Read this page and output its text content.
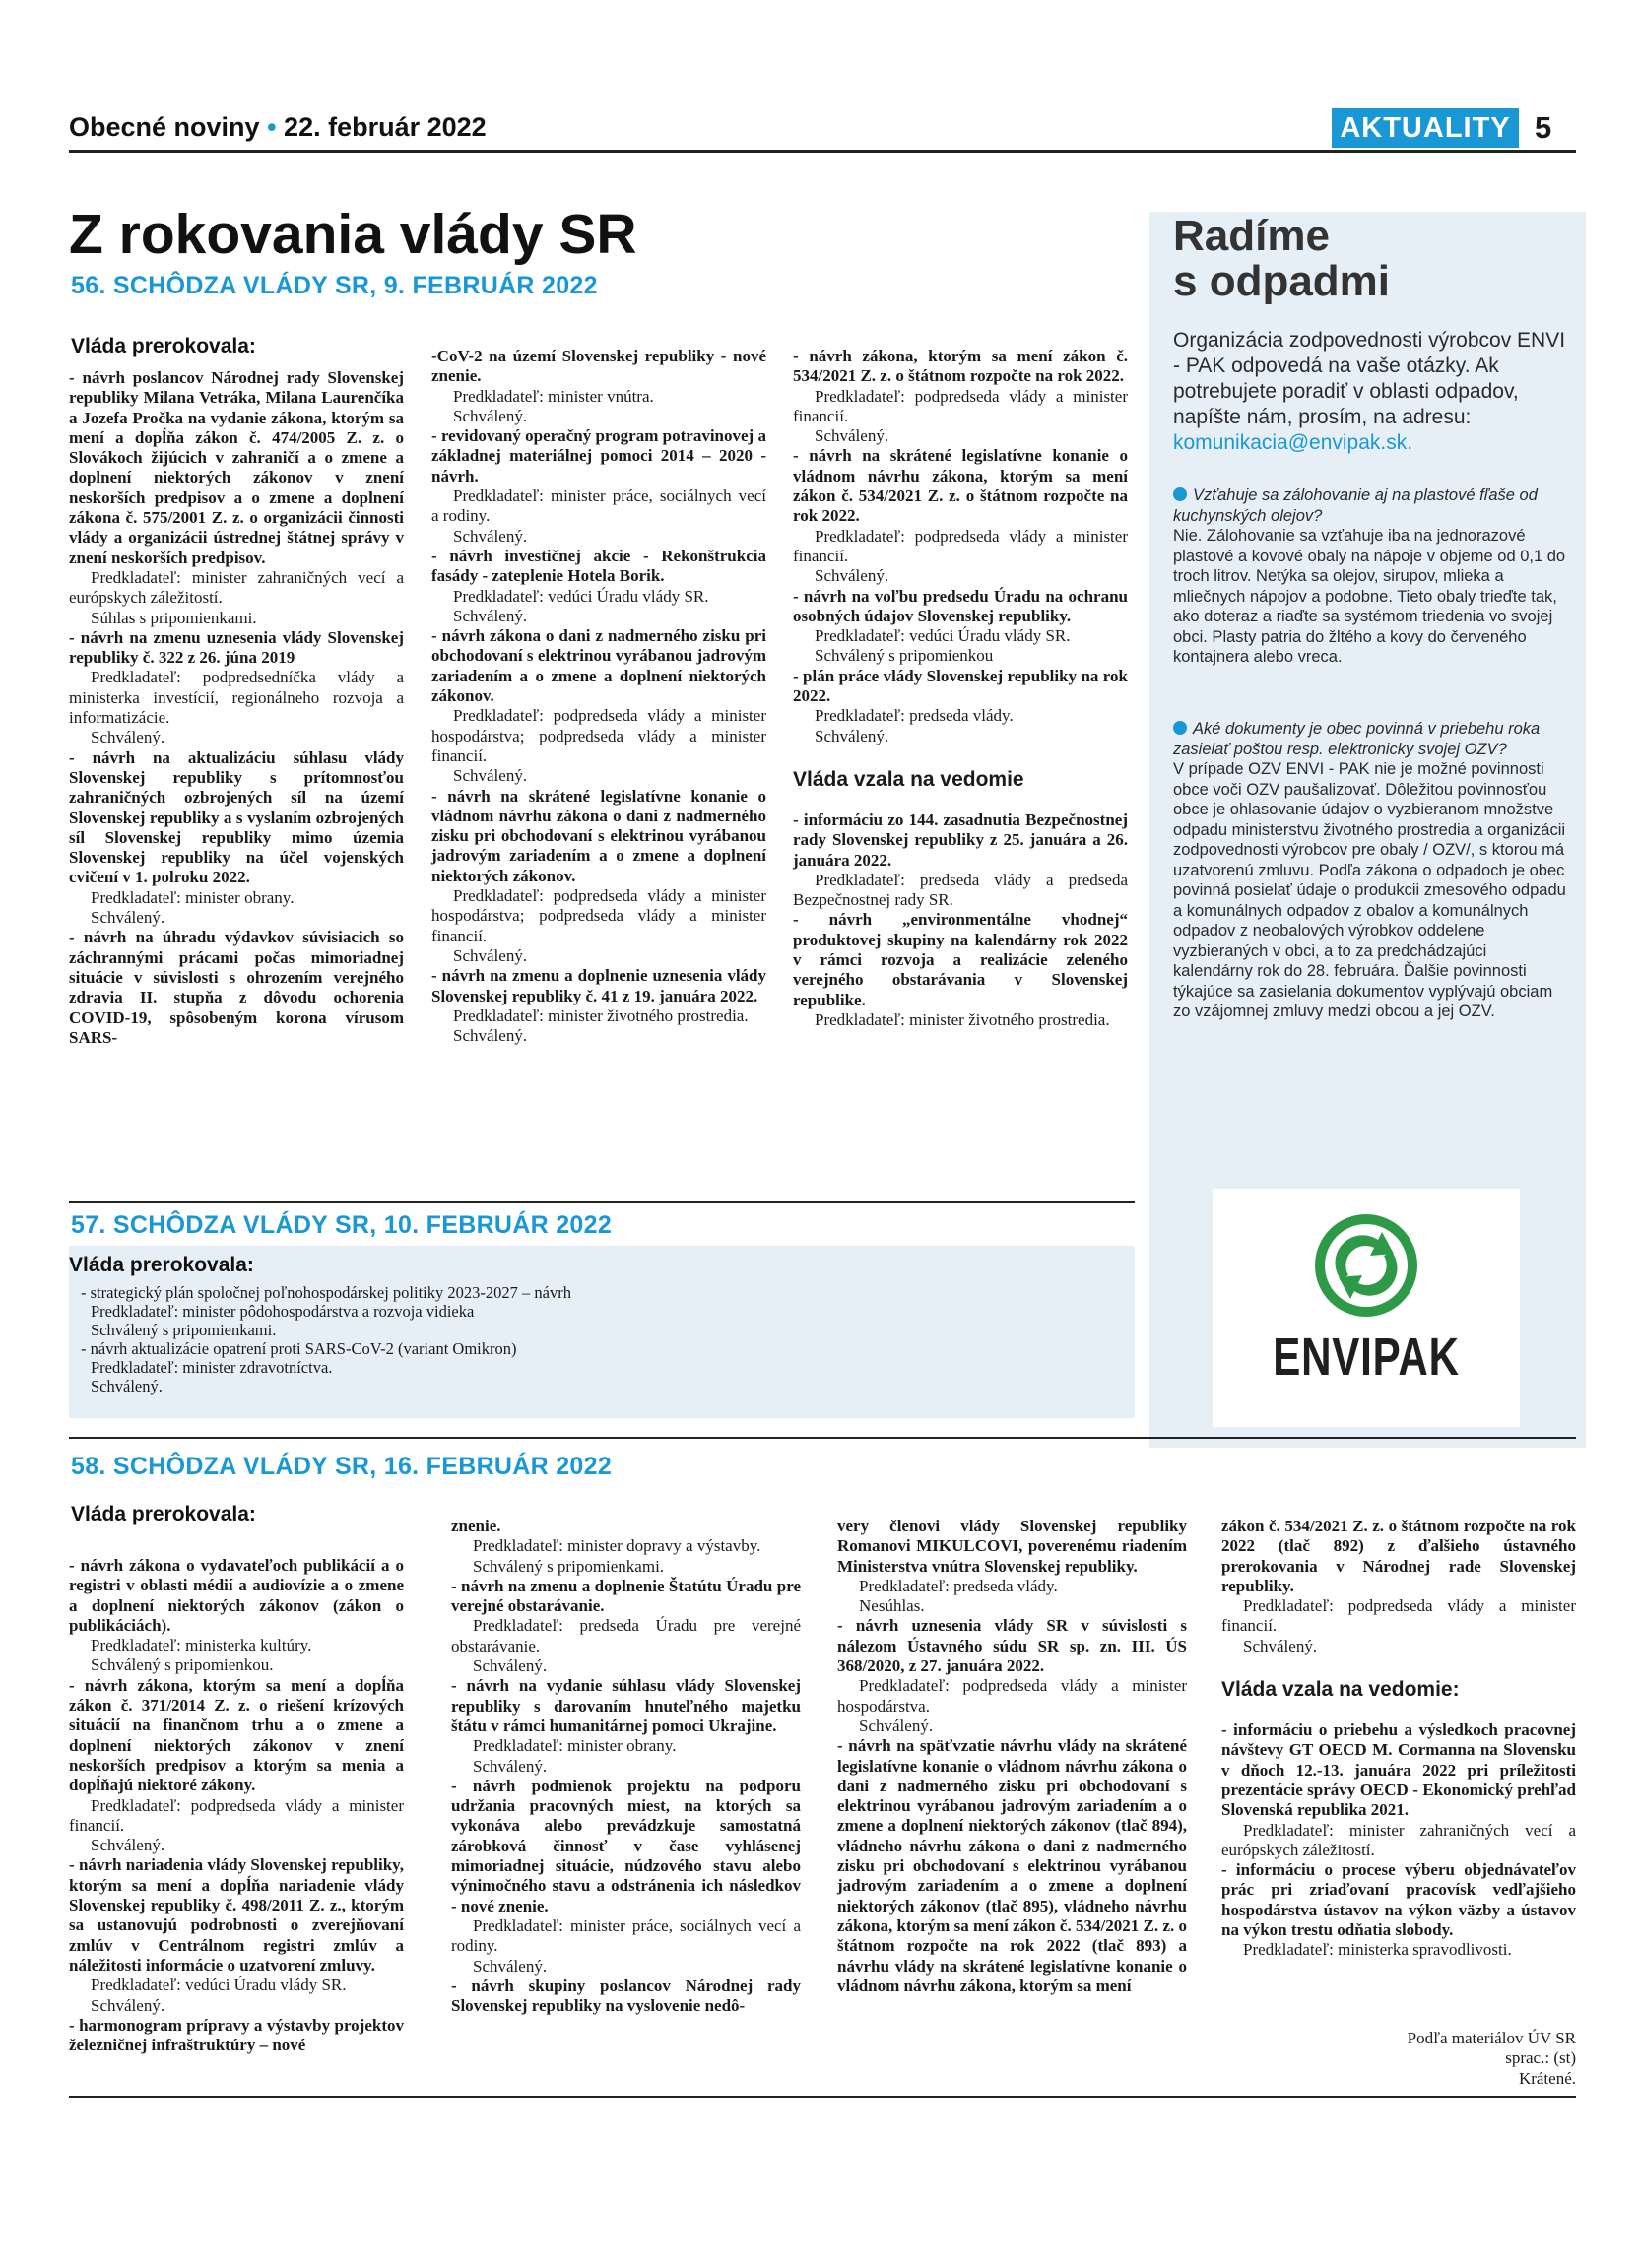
Obecné noviny • 22. február 2022	AKTUALITY 5
Z rokovania vlády SR
56. SCHÔDZA VLÁDY SR, 9. FEBRUÁR 2022
Vláda prerokovala:

- návrh poslancov Národnej rady Slovenskej republiky Milana Vetráka, Milana Laurenčíka a Jozefa Pročka na vydanie zákona, ktorým sa mení a dopĺňa zákon č. 474/2005 Z. z. o Slovákoch žijúcich v zahraničí a o zmene a doplnení niektorých zákonov v znení neskorších predpisov a o zmene a doplnení zákona č. 575/2001 Z. z. o organizácii činnosti vlády a organizácii ústrednej štátnej správy v znení neskorších predpisov.

Predkladateľ: minister zahraničných vecí a európskych záležitostí.

Súhlas s pripomienkami.

- návrh na zmenu uznesenia vlády Slovenskej republiky č. 322 z 26. júna 2019

Predkladateľ: podpredsedníčka vlády a ministerka investícií, regionálneho rozvoja a informatizácie.

Schválený.

- návrh na aktualizáciu súhlasu vlády Slovenskej republiky s prítomnosťou zahraničných ozbrojených síl na území Slovenskej republiky a s vyslaním ozbrojených síl Slovenskej republiky mimo územia Slovenskej republiky na účel vojenských cvičení v 1. polroku 2022.

Predkladateľ: minister obrany.

Schválený.

- návrh na úhradu výdavkov súvisiacich so záchrannými prácami počas mimoriadnej situácie v súvislosti s ohrozením verejného zdravia II. stupňa z dôvodu ochorenia COVID-19, spôsobeným korona vírusom SARS-

-CoV-2 na území Slovenskej republiky - nové znenie.

Predkladateľ: minister vnútra.

Schválený.

- revidovaný operačný program potravinovej a základnej materiálnej pomoci 2014 – 2020 - návrh.

Predkladateľ: minister práce, sociálnych vecí a rodiny.

Schválený.

- návrh investičnej akcie - Rekonštrukcia fasády - zateplenie Hotela Borik.

Predkladateľ: vedúci Úradu vlády SR.

Schválený.

- návrh zákona o dani z nadmerného zisku pri obchodovaní s elektrinou vyrábanou jadrovým zariadením a o zmene a doplnení niektorých zákonov.

Predkladateľ: podpredseda vlády a minister hospodárstva; podpredseda vlády a minister financií.

Schválený.

- návrh na skrátené legislatívne konanie o vládnom návrhu zákona o dani z nadmerného zisku pri obchodovaní s elektrinou vyrábanou jadrovým zariadením a o zmene a doplnení niektorých zákonov.

Predkladateľ: podpredseda vlády a minister hospodárstva; podpredseda vlády a minister financií.

Schválený.

- návrh na zmenu a doplnenie uznesenia vlády Slovenskej republiky č. 41 z 19. januára 2022.

Predkladateľ: minister životného prostredia.

Schválený.

- návrh zákona, ktorým sa mení zákon č. 534/2021 Z. z. o štátnom rozpočte na rok 2022.

Predkladateľ: podpredseda vlády a minister financií.

Schválený.

- návrh na skrátené legislatívne konanie o vládnom návrhu zákona, ktorým sa mení zákon č. 534/2021 Z. z. o štátnom rozpočte na rok 2022.

Predkladateľ: podpredseda vlády a minister financií.

Schválený.

- návrh na voľbu predsedu Úradu na ochranu osobných údajov Slovenskej republiky.

Predkladateľ: vedúci Úradu vlády SR.

Schválený s pripomienkou

- plán práce vlády Slovenskej republiky na rok 2022.

Predkladateľ: predseda vlády.

Schválený.

Vláda vzala na vedomie

- informáciu zo 144. zasadnutia Bezpečnostnej rady Slovenskej republiky z 25. januára a 26. januára 2022.

Predkladateľ: predseda vlády a predseda Bezpečnostnej rady SR.

- návrh „environmentálne vhodnej“ produktovej skupiny na kalendárny rok 2022 v rámci rozvoja a realizácie zeleného verejného obstarávania v Slovenskej republike.

Predkladateľ: minister životného prostredia.

Radíme
s odpadmi
Organizácia zodpovednosti výrobcov ENVI - PAK odpovedá na vaše otázky. Ak potrebujete poradiť v oblasti odpadov, napíšte nám, prosím, na adresu: komunikacia@envipak.sk.
Vzťahuje sa zálohovanie aj na plastové fľaše od kuchynských olejov?
Nie. Zálohovanie sa vzťahuje iba na jednorazové plastové a kovové obaly na nápoje v objeme od 0,1 do troch litrov. Netýka sa olejov, sirupov, mlieka a mliečnych nápojov a podobne. Tieto obaly trieďte tak, ako doteraz a riaďte sa systémom triedenia vo svojej obci. Plasty patria do žltého a kovy do červeného kontajnera alebo vreca.
Aké dokumenty je obec povinná v priebehu roka zasielať poštou resp. elektronicky svojej OZV?
V prípade OZV ENVI - PAK nie je možné povinnosti obce voči OZV paušalizovať. Dôležitou povinnosťou obce je ohlasovanie údajov o vyzbieranom množstve odpadu ministerstvu životného prostredia a organizácii zodpovednosti výrobcov pre obaly / OZV/, s ktorou má uzatvorenú zmluvu. Podľa zákona o odpadoch je obec povinná posielať údaje o produkcii zmesového odpadu a komunálnych odpadov z obalov a komunálnych odpadov z neobalových výrobkov oddelene vyzbieraných v obci, a to za predchádzajúci kalendárny rok do 28. februára. Ďalšie povinnosti týkajúce sa zasielania dokumentov vyplývajú obciam zo vzájomnej zmluvy medzi obcou a jej OZV.
ENVIPAK
57. SCHÔDZA VLÁDY SR, 10. FEBRUÁR 2022
Vláda prerokovala:

- strategický plán spoločnej poľnohospodárskej politiky 2023-2027 – návrh

Predkladateľ: minister pôdohospodárstva a rozvoja vidieka

Schválený s pripomienkami.

- návrh aktualizácie opatrení proti SARS-CoV-2 (variant Omikron)

Predkladateľ: minister zdravotníctva.

Schválený.

58. SCHÔDZA VLÁDY SR, 16. FEBRUÁR 2022
Vláda prerokovala:

- návrh zákona o vydavateľoch publikácií a o registri v oblasti médií a audiovízie a o zmene a doplnení niektorých zákonov (zákon o publikáciách).

Predkladateľ: ministerka kultúry.

Schválený s pripomienkou.

- návrh zákona, ktorým sa mení a dopĺňa zákon č. 371/2014 Z. z. o riešení krízových situácií na finančnom trhu a o zmene a doplnení niektorých zákonov v znení neskorších predpisov a ktorým sa menia a dopĺňajú niektoré zákony.

Predkladateľ: podpredseda vlády a minister financií.

Schválený.

- návrh nariadenia vlády Slovenskej republiky, ktorým sa mení a dopĺňa nariadenie vlády Slovenskej republiky č. 498/2011 Z. z., ktorým sa ustanovujú podrobnosti o zverejňovaní zmlúv v Centrálnom registri zmlúv a náležitosti informácie o uzatvorení zmluvy.

Predkladateľ: vedúci Úradu vlády SR.

Schválený.

- harmonogram prípravy a výstavby projektov železničnej infraštruktúry – nové

znenie.

Predkladateľ: minister dopravy a výstavby.

Schválený s pripomienkami.

- návrh na zmenu a doplnenie Štatútu Úradu pre verejné obstarávanie.

Predkladateľ: predseda Úradu pre verejné obstarávanie.

Schválený.

- návrh na vydanie súhlasu vlády Slovenskej republiky s darovaním hnuteľného majetku štátu v rámci humanitárnej pomoci Ukrajine.

Predkladateľ: minister obrany.

Schválený.

- návrh podmienok projektu na podporu udržania pracovných miest, na ktorých sa vykonáva alebo prevádzkuje samostatná zárobková činnosť v čase vyhlásenej mimoriadnej situácie, núdzového stavu alebo výnimočného stavu a odstránenia ich následkov - nové znenie.

Predkladateľ: minister práce, sociálnych vecí a rodiny.

Schválený.

- návrh skupiny poslancov Národnej rady Slovenskej republiky na vyslovenie nedô-

very členovi vlády Slovenskej republiky Romanovi MIKULCOVI, poverenému riadením Ministerstva vnútra Slovenskej republiky.

Predkladateľ: predseda vlády.

Nesúhlas.

- návrh uznesenia vlády SR v súvislosti s nálezom Ústavného súdu SR sp. zn. III. ÚS 368/2020, z 27. januára 2022.

Predkladateľ: podpredseda vlády a minister hospodárstva.

Schválený.

- návrh na späťvzatie návrhu vlády na skrátené legislatívne konanie o vládnom návrhu zákona o dani z nadmerného zisku pri obchodovaní s elektrinou vyrábanou jadrovým zariadením a o zmene a doplnení niektorých zákonov (tlač 894), vládneho návrhu zákona o dani z nadmerného zisku pri obchodovaní s elektrinou vyrábanou jadrovým zariadením a o zmene a doplnení niektorých zákonov (tlač 895), vládneho návrhu zákona, ktorým sa mení zákon č. 534/2021 Z. z. o štátnom rozpočte na rok 2022 (tlač 893) a návrhu vlády na skrátené legislatívne konanie o vládnom návrhu zákona, ktorým sa mení

zákon č. 534/2021 Z. z. o štátnom rozpočte na rok 2022 (tlač 892) z ďalšieho ústavného prerokovania v Národnej rade Slovenskej republiky.

Predkladateľ: podpredseda vlády a minister financií.

Schválený.

Vláda vzala na vedomie:

- informáciu o priebehu a výsledkoch pracovnej návštevy GT OECD M. Cormanna na Slovensku v dňoch 12.-13. januára 2022 pri príležitosti prezentácie správy OECD - Ekonomický prehľad Slovenská republika 2021.

Predkladateľ: minister zahraničných vecí a európskych záležitostí.

- informáciu o procese výberu objednávateľov prác pri zriaďovaní pracovísk vedľajšieho hospodárstva ústavov na výkon väzby a ústavov na výkon trestu odňatia slobody.

Predkladateľ: ministerka spravodlivosti.

Podľa materiálov ÚV SR
sprac.: (st)
Krátené.
